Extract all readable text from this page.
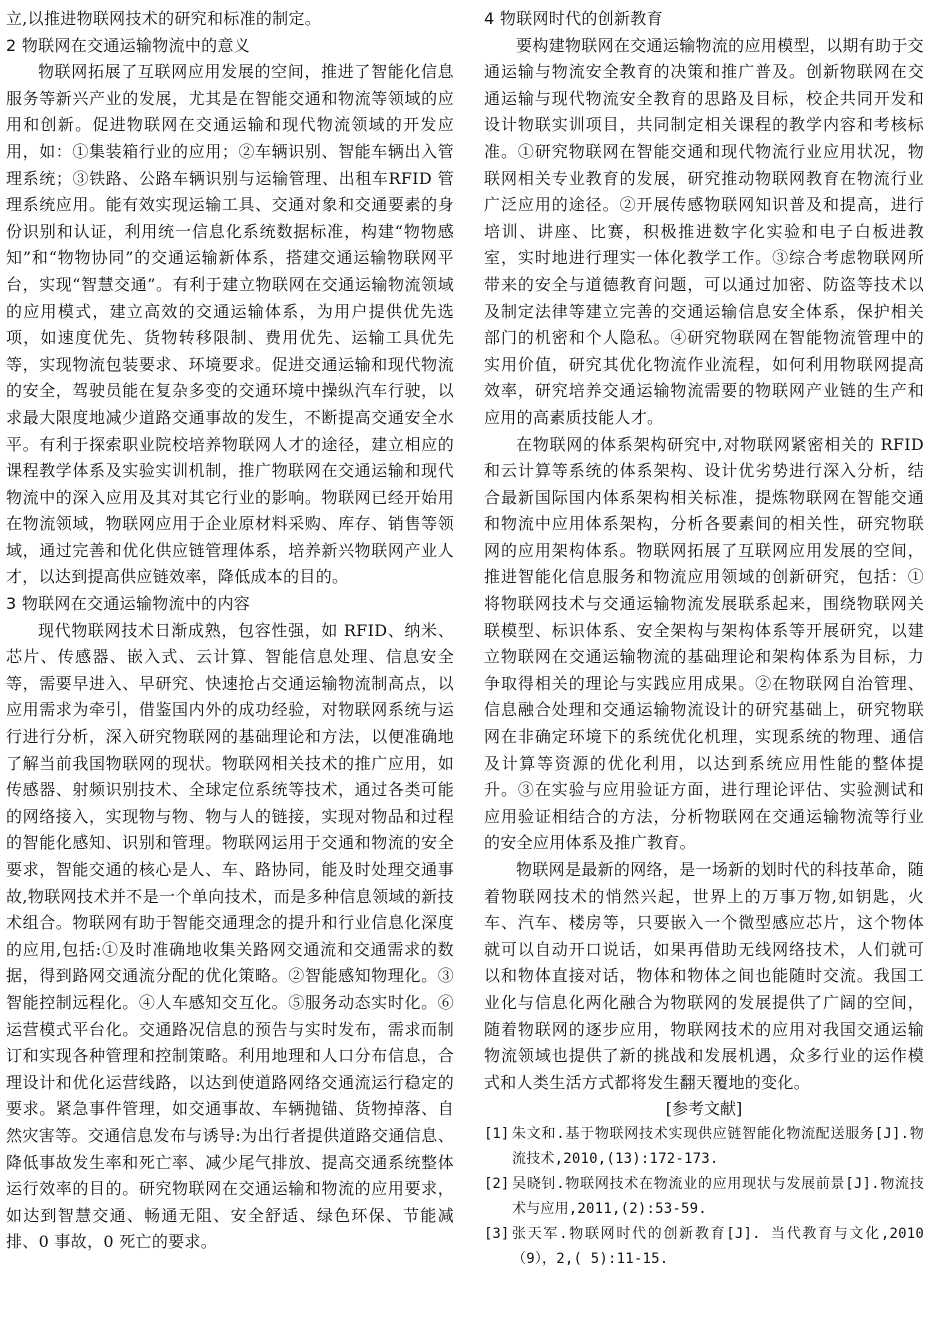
立,以推进物联网技术的研究和标准的制定。

2 物联网在交通运输物流中的意义

物联网拓展了互联网应用发展的空间，推进了智能化信息服务等新兴产业的发展，尤其是在智能交通和物流等领域的应用和创新。促进物联网在交通运输和现代物流领域的开发应用，如：①集装箱行业的应用；②车辆识别、智能车辆出入管理系统；③铁路、公路车辆识别与运输管理、出租车RFID 管理系统应用。能有效实现运输工具、交通对象和交通要素的身份识别和认证，利用统一信息化系统数据标准，构建“物物感知”和“物物协同”的交通运输新体系，搭建交通运输物联网平台，实现“智慧交通”。有利于建立物联网在交通运输物流领域的应用模式，建立高效的交通运输体系，为用户提供优先选项，如速度优先、货物转移限制、费用优先、运输工具优先等，实现物流包装要求、环境要求。促进交通运输和现代物流的安全，驾驶员能在复杂多变的交通环境中操纵汽车行驶，以求最大限度地减少道路交通事故的发生，不断提高交通安全水平。有利于探索职业院校培养物联网人才的途径，建立相应的课程教学体系及实验实训机制，推广物联网在交通运输和现代物流中的深入应用及其对其它行业的影响。物联网已经开始用在物流领域，物联网应用于企业原材料采购、库存、销售等领域，通过完善和优化供应链管理体系，培养新兴物联网产业人才，以达到提高供应链效率，降低成本的目的。

3 物联网在交通运输物流中的内容

现代物联网技术日渐成熟，包容性强，如 RFID、纳米、芯片、传感器、嵌入式、云计算、智能信息处理、信息安全等，需要早进入、早研究、快速抢占交通运输物流制高点，以应用需求为牵引，借鉴国内外的成功经验，对物联网系统与运行进行分析，深入研究物联网的基础理论和方法，以便准确地了解当前我国物联网的现状。物联网相关技术的推广应用，如传感器、射频识别技术、全球定位系统等技术，通过各类可能的网络接入，实现物与物、物与人的链接，实现对物品和过程的智能化感知、识别和管理。物联网运用于交通和物流的安全要求，智能交通的核心是人、车、路协同，能及时处理交通事故,物联网技术并不是一个单向技术，而是多种信息领域的新技术组合。物联网有助于智能交通理念的提升和行业信息化深度的应用,包括:①及时准确地收集关路网交通流和交通需求的数据，得到路网交通流分配的优化策略。②智能感知物理化。③智能控制远程化。④人车感知交互化。⑤服务动态实时化。⑥运营模式平台化。交通路况信息的预告与实时发布，需求而制订和实现各种管理和控制策略。利用地理和人口分布信息，合理设计和优化运营线路，以达到使道路网络交通流运行稳定的要求。紧急事件管理，如交通事故、车辆抛锚、货物掉落、自然灾害等。交通信息发布与诱导:为出行者提供道路交通信息、降低事故发生率和死亡率、减少尾气排放、提高交通系统整体运行效率的目的。研究物联网在交通运输和物流的应用要求，如达到智慧交通、畅通无阻、安全舒适、绿色环保、节能减排、0 事故，0 死亡的要求。

4 物联网时代的创新教育

要构建物联网在交通运输物流的应用模型，以期有助于交通运输与物流安全教育的决策和推广普及。创新物联网在交通运输与现代物流安全教育的思路及目标，校企共同开发和设计物联实训项目，共同制定相关课程的教学内容和考核标准。①研究物联网在智能交通和现代物流行业应用状况，物联网相关专业教育的发展，研究推动物联网教育在物流行业广泛应用的途径。②开展传感物联网知识普及和提高，进行培训、讲座、比赛，积极推进数字化实验和电子白板进教室，实时地进行理实一体化教学工作。③综合考虑物联网所带来的安全与道德教育问题，可以通过加密、防盗等技术以及制定法律等建立完善的交通运输信息安全体系，保护相关部门的机密和个人隐私。④研究物联网在智能物流管理中的实用价值，研究其优化物流作业流程，如何利用物联网提高效率，研究培养交通运输物流需要的物联网产业链的生产和应用的高素质技能人才。

在物联网的体系架构研究中,对物联网紧密相关的 RFID和云计算等系统的体系架构、设计优劣势进行深入分析，结合最新国际国内体系架构相关标准，提炼物联网在智能交通和物流中应用体系架构，分析各要素间的相关性，研究物联网的应用架构体系。物联网拓展了互联网应用发展的空间，推进智能化信息服务和物流应用领域的创新研究，包括：①将物联网技术与交通运输物流发展联系起来，围绕物联网关联模型、标识体系、安全架构与架构体系等开展研究，以建立物联网在交通运输物流的基础理论和架构体系为目标，力争取得相关的理论与实践应用成果。②在物联网自治管理、信息融合处理和交通运输物流设计的研究基础上，研究物联网在非确定环境下的系统优化机理，实现系统的物理、通信及计算等资源的优化利用，以达到系统应用性能的整体提升。③在实验与应用验证方面，进行理论评估、实验测试和应用验证相结合的方法，分析物联网在交通运输物流等行业的安全应用体系及推广教育。

物联网是最新的网络，是一场新的划时代的科技革命，随着物联网技术的悄然兴起，世界上的万事万物,如钥匙，火车、汽车、楼房等，只要嵌入一个微型感应芯片，这个物体就可以自动开口说话，如果再借助无线网络技术，人们就可以和物体直接对话，物体和物体之间也能随时交流。我国工业化与信息化两化融合为物联网的发展提供了广阔的空间，随着物联网的逐步应用，物联网技术的应用对我国交通运输物流领域也提供了新的挑战和发展机遇，众多行业的运作模式和人类生活方式都将发生翻天覆地的变化。

[参考文献]

[1] 朱文和.基于物联网技术实现供应链智能化物流配送服务[J].物流技术,2010,(13):172-173.
[2] 吴晓钊.物联网技术在物流业的应用现状与发展前景[J].物流技术与应用,2011,(2):53-59.
[3] 张天军.物联网时代的创新教育[J]. 当代教育与文化,2010（9），2,( 5):11-15.
